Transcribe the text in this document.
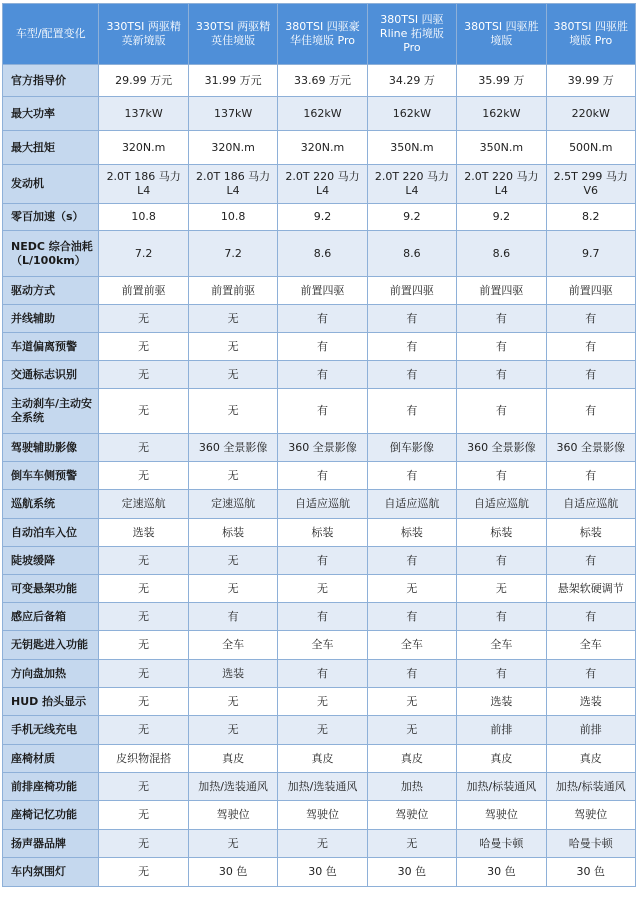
车型/配置变化	330TSI 两驱精英新境版	330TSI 两驱精英佳境版	380TSI 四驱豪华佳境版 Pro	380TSI 四驱 Rline 拓境版 Pro	380TSI 四驱胜境版	380TSI 四驱胜境版 Pro
官方指导价	29.99 万元	31.99 万元	33.69 万元	34.29 万	35.99 万	39.99 万
最大功率	137kW	137kW	162kW	162kW	162kW	220kW
最大扭矩	320N.m	320N.m	320N.m	350N.m	350N.m	500N.m
发动机	2.0T 186 马力 L4	2.0T 186 马力 L4	2.0T 220 马力 L4	2.0T 220 马力 L4	2.0T 220 马力 L4	2.5T 299 马力 V6
零百加速（s）	10.8	10.8	9.2	9.2	9.2	8.2
NEDC 综合油耗（L/100km）	7.2	7.2	8.6	8.6	8.6	9.7
驱动方式	前置前驱	前置前驱	前置四驱	前置四驱	前置四驱	前置四驱
并线辅助	无	无	有	有	有	有
车道偏离预警	无	无	有	有	有	有
交通标志识别	无	无	有	有	有	有
主动刹车/主动安全系统	无	无	有	有	有	有
驾驶辅助影像	无	360 全景影像	360 全景影像	倒车影像	360 全景影像	360 全景影像
倒车车侧预警	无	无	有	有	有	有
巡航系统	定速巡航	定速巡航	自适应巡航	自适应巡航	自适应巡航	自适应巡航
自动泊车入位	选装	标装	标装	标装	标装	标装
陡坡缓降	无	无	有	有	有	有
可变悬架功能	无	无	无	无	无	悬架软硬调节
感应后备箱	无	有	有	有	有	有
无钥匙进入功能	无	全车	全车	全车	全车	全车
方向盘加热	无	选装	有	有	有	有
HUD 抬头显示	无	无	无	无	选装	选装
手机无线充电	无	无	无	无	前排	前排
座椅材质	皮织物混搭	真皮	真皮	真皮	真皮	真皮
前排座椅功能	无	加热/选装通风	加热/选装通风	加热	加热/标装通风	加热/标装通风
座椅记忆功能	无	驾驶位	驾驶位	驾驶位	驾驶位	驾驶位
扬声器品牌	无	无	无	无	哈曼卡顿	哈曼卡顿
车内氛围灯	无	30 色	30 色	30 色	30 色	30 色
